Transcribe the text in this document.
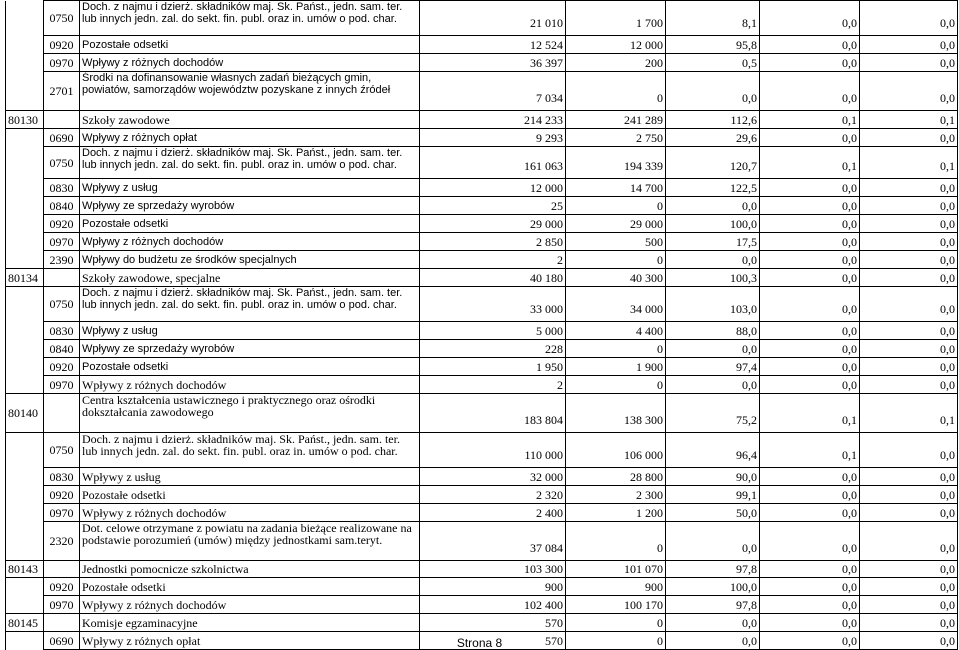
	0750	Doch. z najmu i dzierż. składników maj. Sk. Państ., jedn. sam. ter. lub innych jedn. zal. do sekt. fin. publ. oraz in. umów o pod. char.	21 010	1 700	8,1	0,0	0,0
	0920	Pozostałe odsetki	12 524	12 000	95,8	0,0	0,0
	0970	Wpływy z różnych dochodów	36 397	200	0,5	0,0	0,0
	2701	Środki na dofinansowanie własnych zadań bieżących gmin, powiatów, samorządów województw pozyskane z innych źródeł	7 034	0	0,0	0,0	0,0
80130		Szkoły zawodowe	214 233	241 289	112,6	0,1	0,1
	0690	Wpływy z różnych opłat	9 293	2 750	29,6	0,0	0,0
	0750	Doch. z najmu i dzierż. składników maj. Sk. Państ., jedn. sam. ter. lub innych jedn. zal. do sekt. fin. publ. oraz in. umów o pod. char.	161 063	194 339	120,7	0,1	0,1
	0830	Wpływy z usług	12 000	14 700	122,5	0,0	0,0
	0840	Wpływy ze sprzedaży wyrobów	25	0	0,0	0,0	0,0
	0920	Pozostałe odsetki	29 000	29 000	100,0	0,0	0,0
	0970	Wpływy z różnych dochodów	2 850	500	17,5	0,0	0,0
	2390	Wpływy do budżetu ze środków specjalnych	2	0	0,0	0,0	0,0
80134		Szkoły zawodowe, specjalne	40 180	40 300	100,3	0,0	0,0
	0750	Doch. z najmu i dzierż. składników maj. Sk. Państ., jedn. sam. ter. lub innych jedn. zal. do sekt. fin. publ. oraz in. umów o pod. char.	33 000	34 000	103,0	0,0	0,0
	0830	Wpływy z usług	5 000	4 400	88,0	0,0	0,0
	0840	Wpływy ze sprzedaży wyrobów	228	0	0,0	0,0	0,0
	0920	Pozostałe odsetki	1 950	1 900	97,4	0,0	0,0
	0970	Wpływy z różnych dochodów	2	0	0,0	0,0	0,0
80140		Centra kształcenia ustawicznego i praktycznego oraz ośrodki dokształcania zawodowego	183 804	138 300	75,2	0,1	0,1
	0750	Doch. z najmu i dzierż. składników maj. Sk. Państ., jedn. sam. ter. lub innych jedn. zal. do sekt. fin. publ. oraz in. umów o pod. char.	110 000	106 000	96,4	0,1	0,0
	0830	Wpływy z usług	32 000	28 800	90,0	0,0	0,0
	0920	Pozostałe odsetki	2 320	2 300	99,1	0,0	0,0
	0970	Wpływy z różnych dochodów	2 400	1 200	50,0	0,0	0,0
	2320	Dot. celowe otrzymane z powiatu na zadania bieżące realizowane na podstawie porozumień (umów) między jednostkami sam.teryt.	37 084	0	0,0	0,0	0,0
80143		Jednostki pomocnicze szkolnictwa	103 300	101 070	97,8	0,0	0,0
	0920	Pozostałe odsetki	900	900	100,0	0,0	0,0
	0970	Wpływy z różnych dochodów	102 400	100 170	97,8	0,0	0,0
80145		Komisje egzaminacyjne	570	0	0,0	0,0	0,0
	0690	Wpływy z różnych opłat	570	0	0,0	0,0	0,0
Strona 8
